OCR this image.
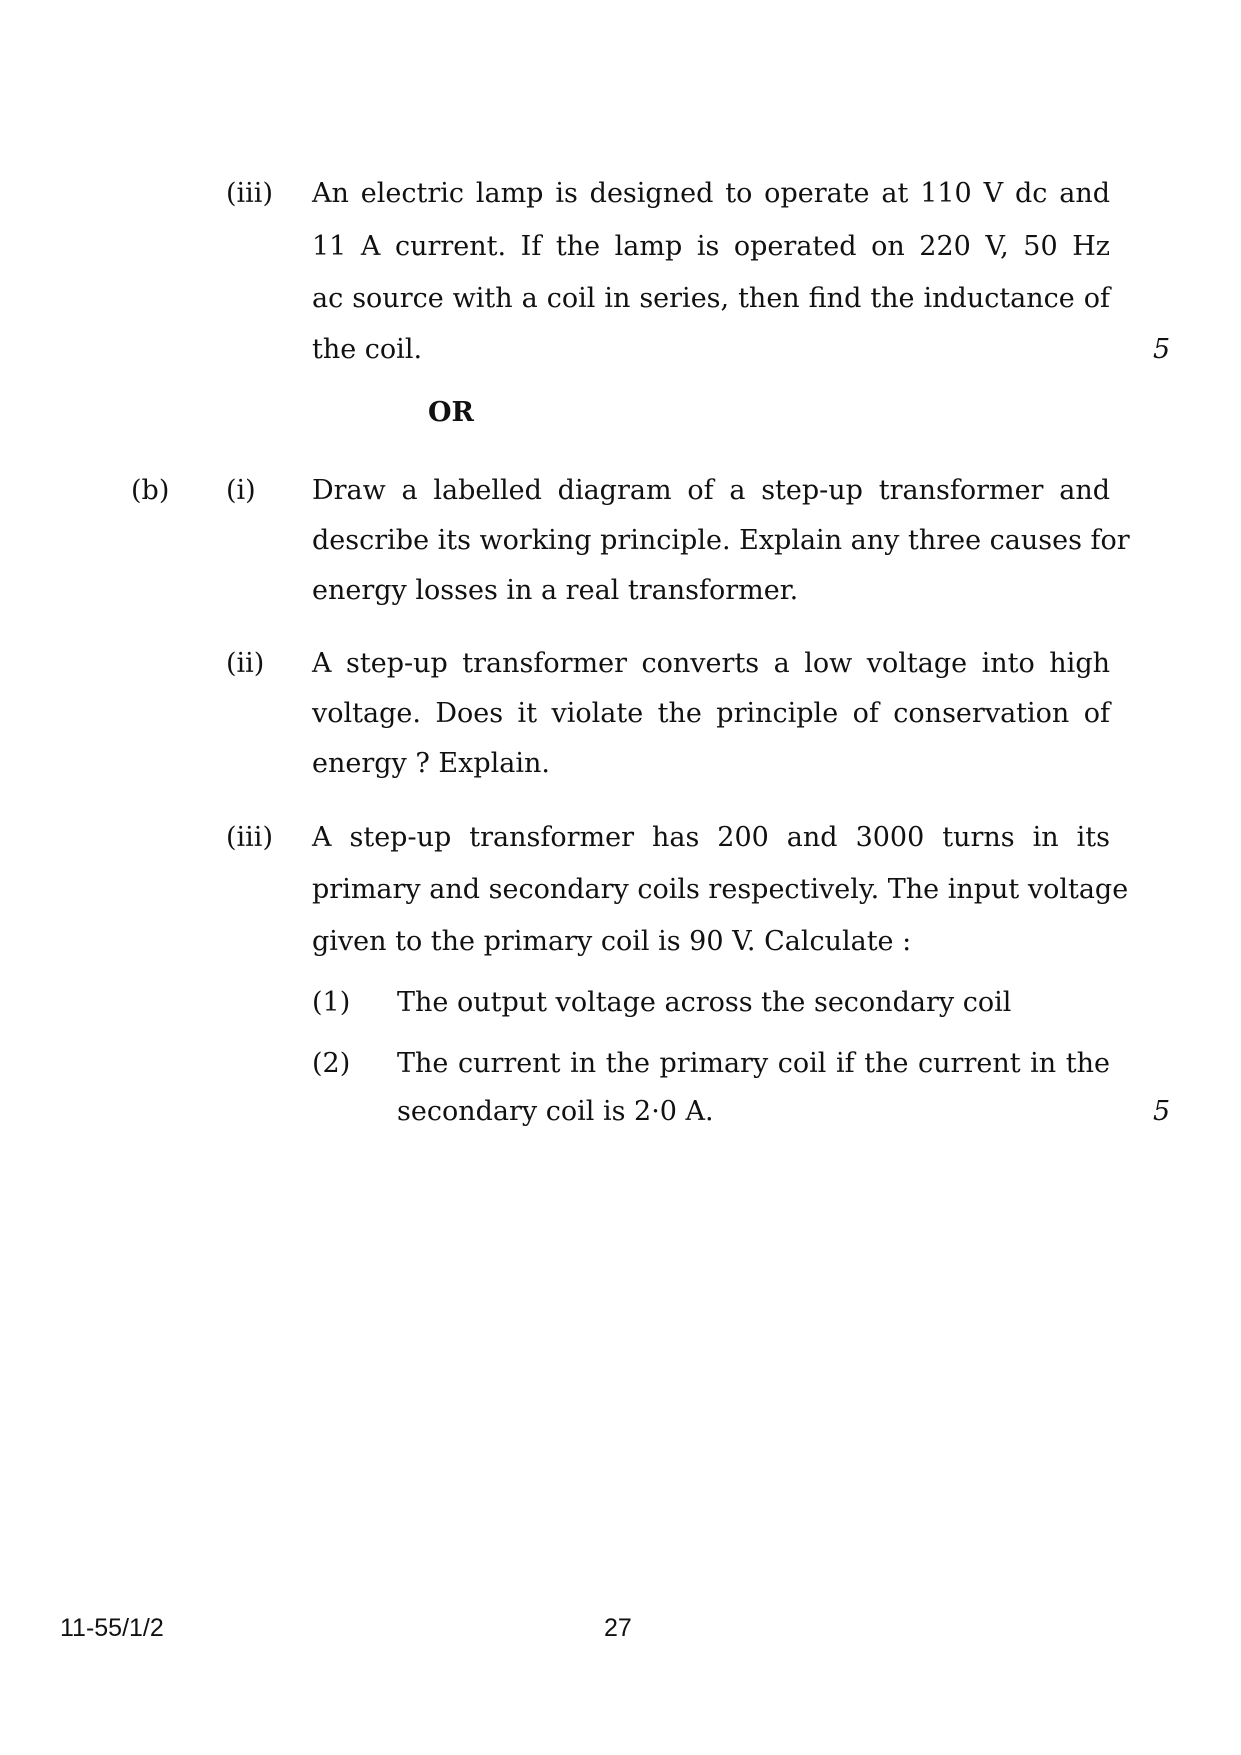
(iii) An electric lamp is designed to operate at 110 V dc and
11 A current. If the lamp is operated on 220 V, 50 Hz
ac source with a coil in series, then find the inductance of
the coil.	5
OR
(b) (i) Draw a labelled diagram of a step-up transformer and
describe its working principle. Explain any three causes for
energy losses in a real transformer.
(ii) A step-up transformer converts a low voltage into high
voltage. Does it violate the principle of conservation of
energy ? Explain.
(iii) A step-up transformer has 200 and 3000 turns in its
primary and secondary coils respectively. The input voltage
given to the primary coil is 90 V. Calculate :
(1) The output voltage across the secondary coil
(2) The current in the primary coil if the current in the
secondary coil is 2·0 A.	5
11-55/1/2	27
